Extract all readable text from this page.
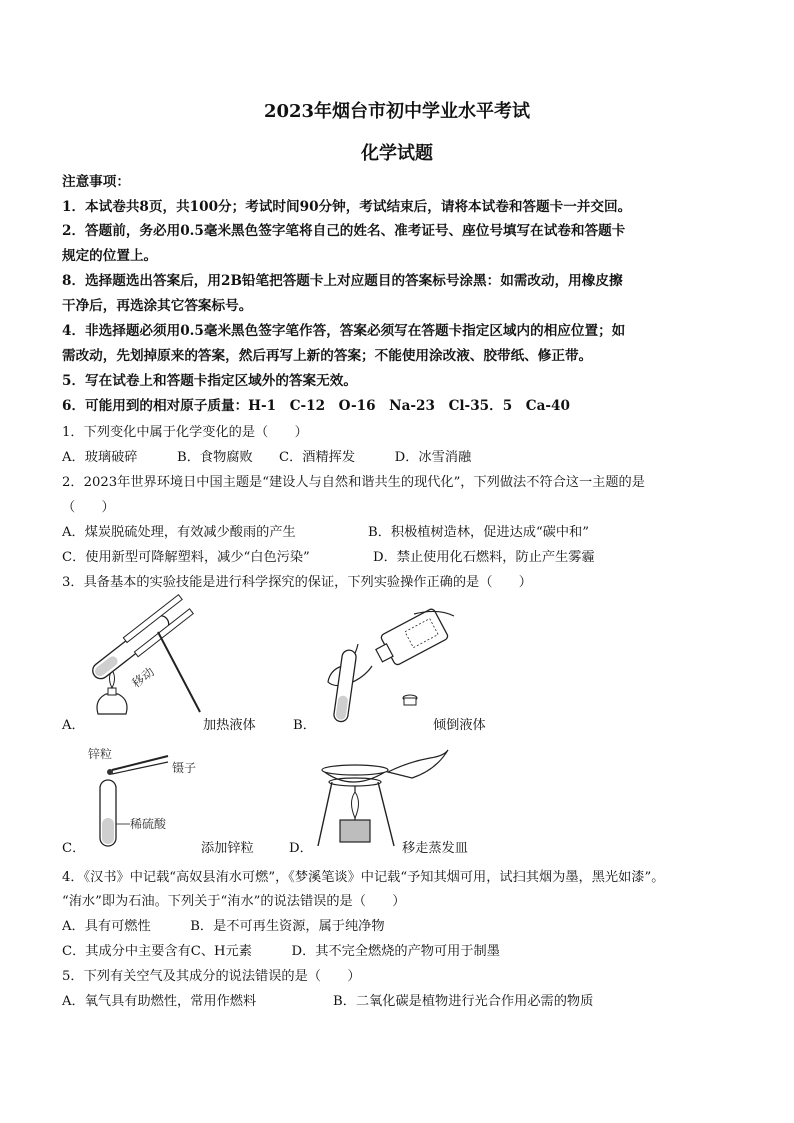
2023年烟台市初中学业水平考试
化学试题
注意事项：
1．本试卷共8页，共100分；考试时间90分钟，考试结束后，请将本试卷和答题卡一并交回。
2．答题前，务必用0.5毫米黑色签字笔将自己的姓名、准考证号、座位号填写在试卷和答题卡
规定的位置上。
8．选择题选出答案后，用2B铅笔把答题卡上对应题目的答案标号涂黑：如需改动，用橡皮擦
干净后，再选涂其它答案标号。
4．非选择题必须用0.5毫米黑色签字笔作答，答案必须写在答题卡指定区域内的相应位置；如
需改动，先划掉原来的答案，然后再写上新的答案；不能使用涂改液、胶带纸、修正带。
5．写在试卷上和答题卡指定区域外的答案无效。
6．可能用到的相对原子质量：H-1　C-12　O-16　Na-23　Cl-35．5　Ca-40
1．下列变化中属于化学变化的是（　　）
A．玻璃破碎　　　B．食物腐败　　C．酒精挥发　　　D．冰雪消融
2．2023年世界环境日中国主题是“建设人与自然和谐共生的现代化”，下列做法不符合这一主题的是
（　　）
A．煤炭脱硫处理，有效减少酸雨的产生	B．积极植树造林，促进达成“碳中和”
C．使用新型可降解塑料，减少“白色污染”	D．禁止使用化石燃料，防止产生雾霾
3．具备基本的实验技能是进行科学探究的保证，下列实验操作正确的是（　　）
移动
A．	加热液体	B．	倾倒液体
锌粒
镊子
稀硫酸
C．	添加锌粒	D．	移走蒸发皿
4．《汉书》中记载“高奴县洧水可燃”，《梦溪笔谈》中记载“予知其烟可用，试扫其烟为墨，黑光如漆”。
“洧水”即为石油。下列关于“洧水”的说法错误的是（　　）
A．具有可燃性　　　B．是不可再生资源，属于纯净物
C．其成分中主要含有C、H元素　　　D．其不完全燃烧的产物可用于制墨
5．下列有关空气及其成分的说法错误的是（　　）
A．氧气具有助燃性，常用作燃料	B．二氧化碳是植物进行光合作用必需的物质
